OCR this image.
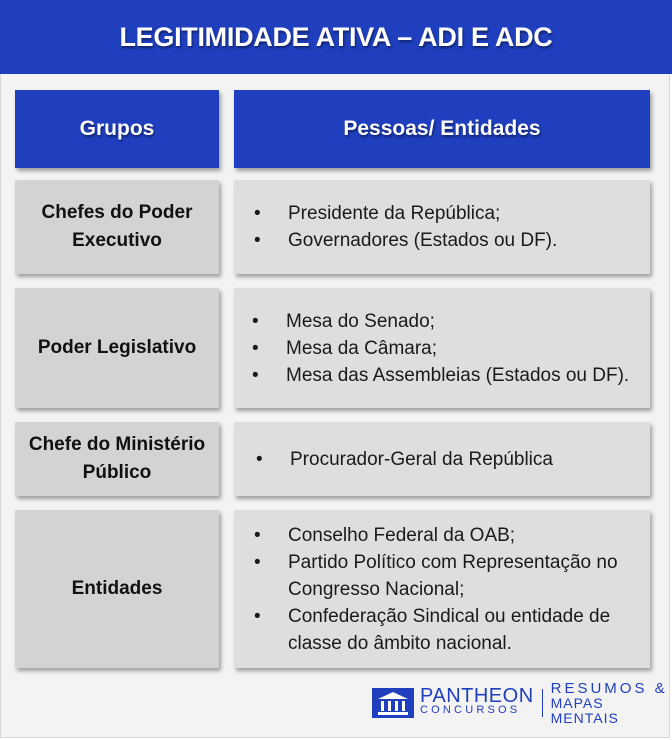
LEGITIMIDADE ATIVA – ADI E ADC
Grupos	Pessoas/ Entidades
Chefes do Poder
Executivo
• Presidente da República;
• Governadores (Estados ou DF).
Poder Legislativo
• Mesa do Senado;
• Mesa da Câmara;
• Mesa das Assembleias (Estados ou DF).
Chefe do Ministério
Público
• Procurador-Geral da República
Entidades
• Conselho Federal da OAB;
• Partido Político com Representação no Congresso Nacional;
• Confederação Sindical ou entidade de classe do âmbito nacional.
PANTHEON
CONCURSOS
RESUMOS &
MAPAS MENTAIS
